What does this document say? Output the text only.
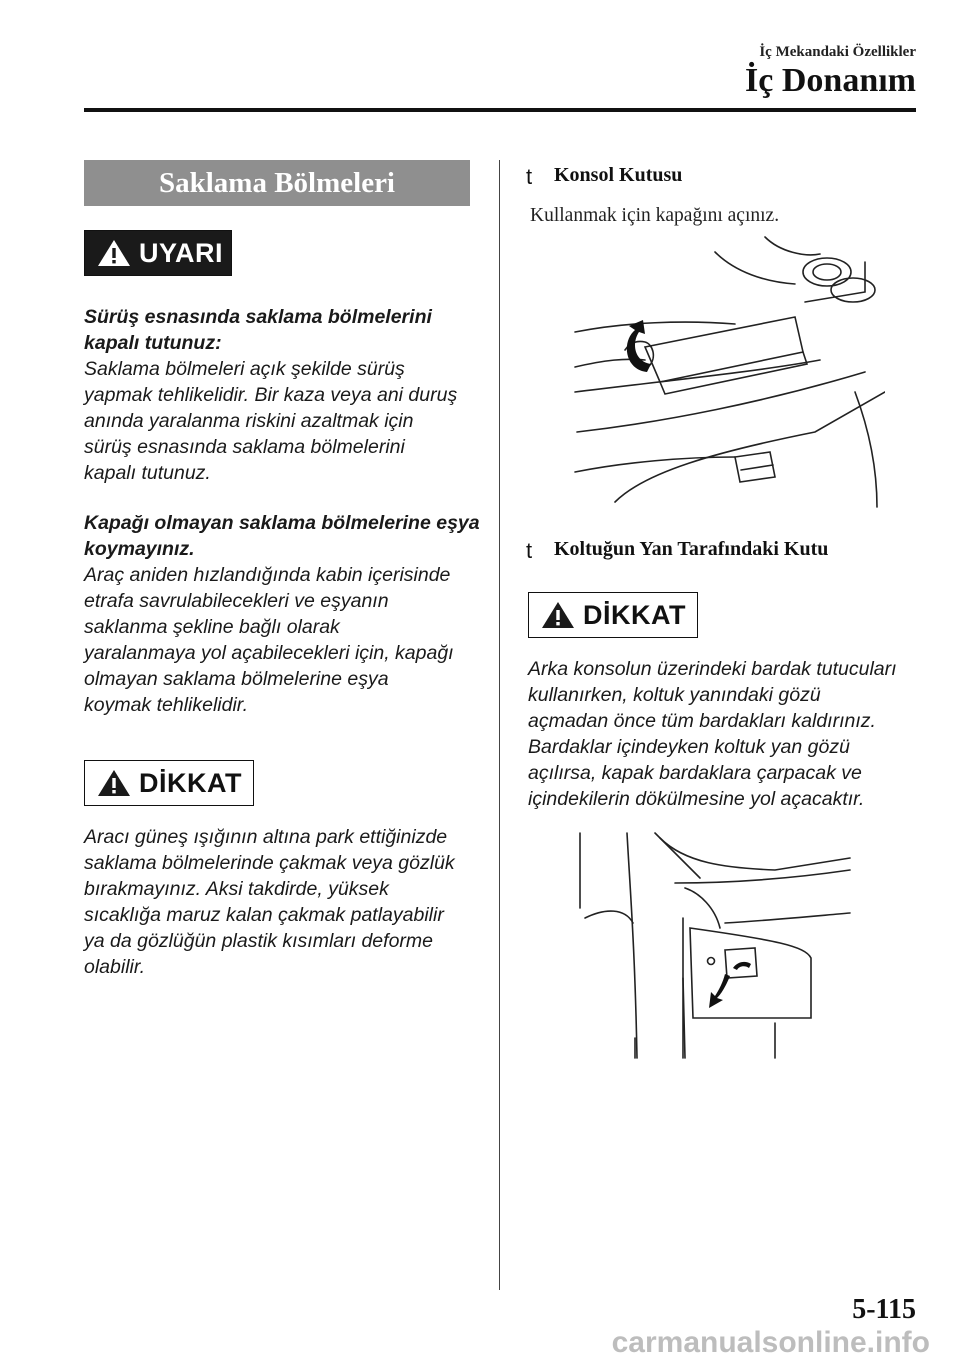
İç Mekandaki Özellikler
İç Donanım
Saklama Bölmeleri
UYARI

Sürüş esnasında saklama bölmelerini

kapalı tutunuz:

Saklama bölmeleri açık şekilde sürüş

yapmak tehlikelidir. Bir kaza veya ani duruş

anında yaralanma riskini azaltmak için

sürüş esnasında saklama bölmelerini

kapalı tutunuz.

Kapağı olmayan saklama bölmelerine eşya

koymayınız.

Araç aniden hızlandığında kabin içerisinde

etrafa savrulabilecekleri ve eşyanın

saklanma şekline bağlı olarak

yaralanmaya yol açabilecekleri için, kapağı

olmayan saklama bölmelerine eşya

koymak tehlikelidir.

DİKKAT

Aracı güneş ışığının altına park ettiğinizde

saklama bölmelerinde çakmak veya gözlük

bırakmayınız. Aksi takdirde, yüksek

sıcaklığa maruz kalan çakmak patlayabilir

ya da gözlüğün plastik kısımları deforme

olabilir.

t Konsol Kutusu
Kullanmak için kapağını açınız.
t Koltuğun Yan Tarafındaki Kutu
DİKKAT

Arka konsolun üzerindeki bardak tutucuları

kullanırken, koltuk yanındaki gözü

açmadan önce tüm bardakları kaldırınız.

Bardaklar içindeyken koltuk yan gözü

açılırsa, kapak bardaklara çarpacak ve

içindekilerin dökülmesine yol açacaktır.

5-115
carmanualsonline.info
